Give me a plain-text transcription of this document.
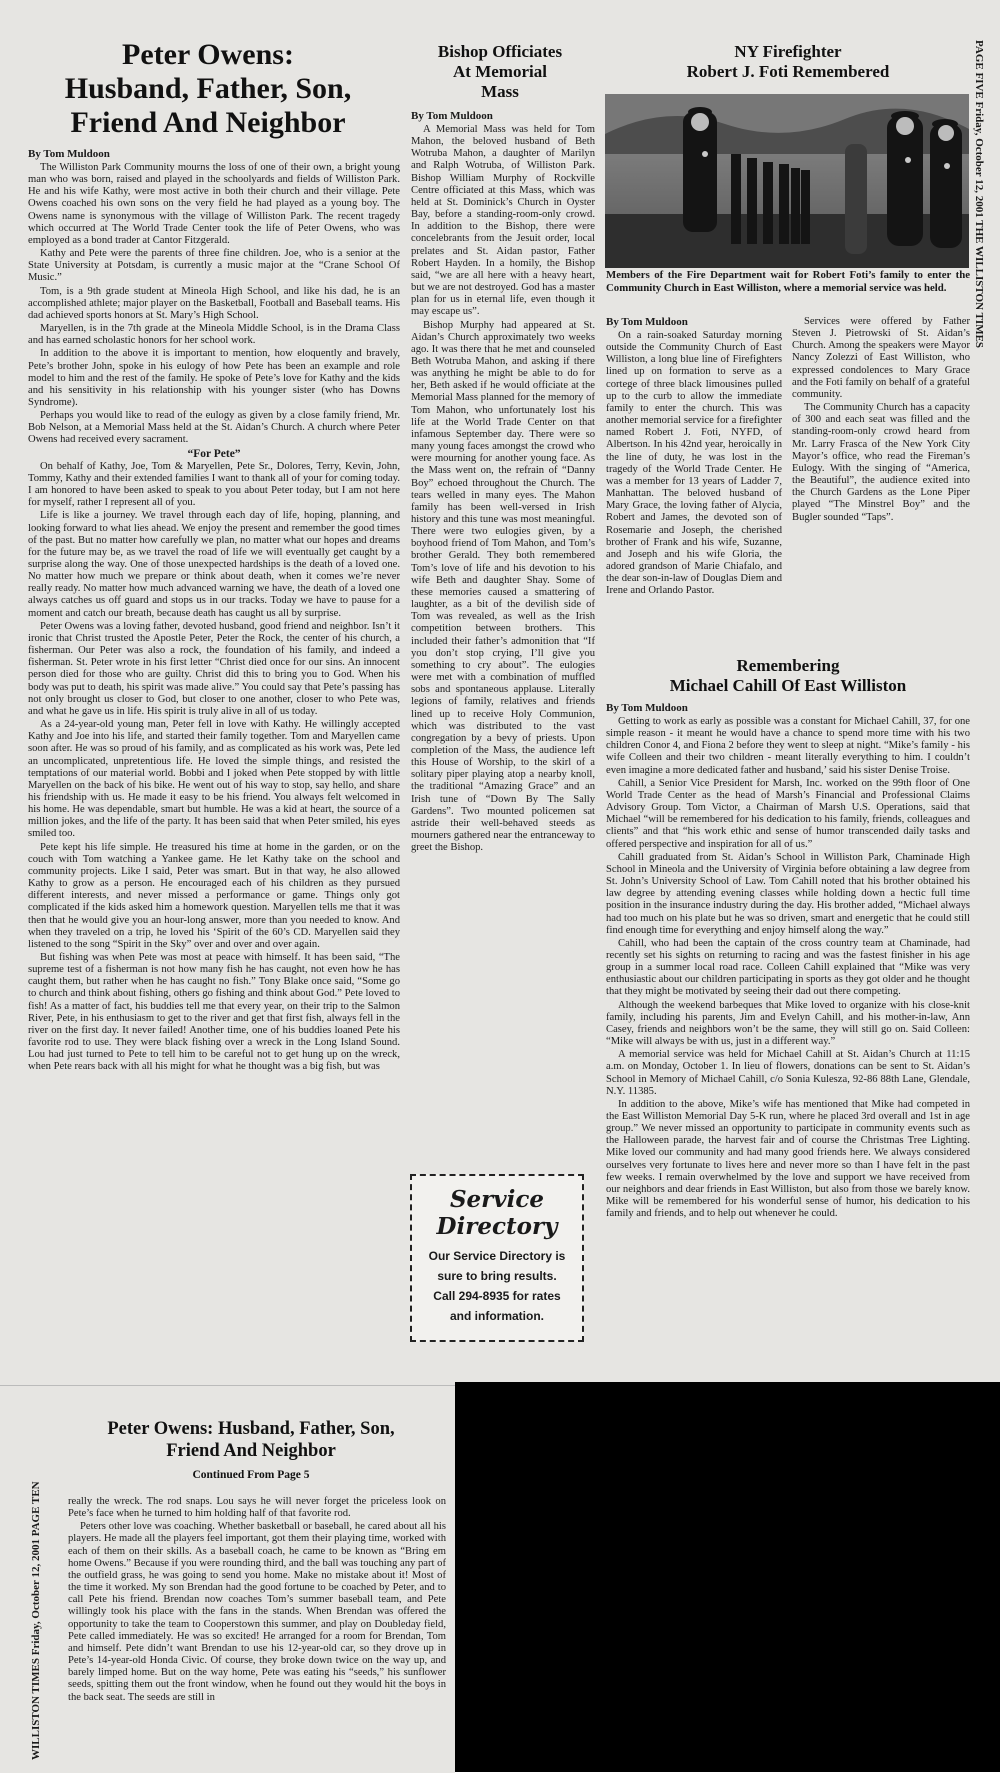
PAGE FIVE Friday, October 12, 2001 THE WILLISTON TIMES
Peter Owens:
Husband, Father, Son,
Friend And Neighbor

By Tom Muldoon

The Williston Park Community mourns the loss of one of their own, a bright young man who was born, raised and played in the schoolyards and fields of Williston Park. He and his wife Kathy, were most active in both their church and their village. Pete Owens coached his own sons on the very field he had played as a young boy. The Owens name is synonymous with the village of Williston Park. The recent tragedy which occurred at The World Trade Center took the life of Peter Owens, who was employed as a bond trader at Cantor Fitzgerald.

Kathy and Pete were the parents of three fine children. Joe, who is a senior at the State University at Potsdam, is currently a music major at the “Crane School Of Music.”

Tom, is a 9th grade student at Mineola High School, and like his dad, he is an accomplished athlete; major player on the Basketball, Football and Baseball teams. His dad achieved sports honors at St. Mary’s High School.

Maryellen, is in the 7th grade at the Mineola Middle School, is in the Drama Class and has earned scholastic honors for her school work.

In addition to the above it is important to mention, how eloquently and bravely, Pete’s brother John, spoke in his eulogy of how Pete has been an example and role model to him and the rest of the family. He spoke of Pete’s love for Kathy and the kids and his sensitivity in his relationship with his younger sister (who has Downs Syndrome).

Perhaps you would like to read of the eulogy as given by a close family friend, Mr. Bob Nelson, at a Memorial Mass held at the St. Aidan’s Church. A church where Peter Owens had received every sacrament.

“For Pete”

On behalf of Kathy, Joe, Tom & Maryellen, Pete Sr., Dolores, Terry, Kevin, John, Tommy, Kathy and their extended families I want to thank all of your for coming today. I am honored to have been asked to speak to you about Peter today, but I am not here for myself, rather I represent all of you.

Life is like a journey. We travel through each day of life, hoping, planning, and looking forward to what lies ahead. We enjoy the present and remember the good times of the past. But no matter how carefully we plan, no matter what our hopes and dreams for the future may be, as we travel the road of life we will eventually get caught by a surprise along the way. One of those unexpected hardships is the death of a loved one. No matter how much we prepare or think about death, when it comes we’re never really ready. No matter how much advanced warning we have, the death of a loved one always catches us off guard and stops us in our tracks. Today we have to pause for a moment and catch our breath, because death has caught us all by surprise.

Peter Owens was a loving father, devoted husband, good friend and neighbor. Isn’t it ironic that Christ trusted the Apostle Peter, Peter the Rock, the center of his church, a fisherman. Our Peter was also a rock, the foundation of his family, and indeed a fisherman. St. Peter wrote in his first letter “Christ died once for our sins. An innocent person died for those who are guilty. Christ did this to bring you to God. When his body was put to death, his spirit was made alive.” You could say that Pete’s passing has not only brought us closer to God, but closer to one another, closer to who Pete was, and what he gave us in life. His spirit is truly alive in all of us today.

As a 24-year-old young man, Peter fell in love with Kathy. He willingly accepted Kathy and Joe into his life, and started their family together. Tom and Maryellen came soon after. He was so proud of his family, and as complicated as his work was, Pete led an uncomplicated, unpretentious life. He loved the simple things, and resisted the temptations of our material world. Bobbi and I joked when Pete stopped by with little Maryellen on the back of his bike. He went out of his way to stop, say hello, and share his friendship with us. He made it easy to be his friend. You always felt welcomed in his home. He was dependable, smart but humble. He was a kid at heart, the source of a million jokes, and the life of the party. It has been said that when Peter smiled, his eyes smiled too.

Pete kept his life simple. He treasured his time at home in the garden, or on the couch with Tom watching a Yankee game. He let Kathy take on the school and community projects. Like I said, Peter was smart. But in that way, he also allowed Kathy to grow as a person. He encouraged each of his children as they pursued different interests, and never missed a performance or game. Things only got complicated if the kids asked him a homework question. Maryellen tells me that it was then that he would give you an hour-long answer, more than you needed to know. And when they traveled on a trip, he loved his ‘Spirit of the 60’s CD. Maryellen said they listened to the song “Spirit in the Sky” over and over and over again.

But fishing was when Pete was most at peace with himself. It has been said, “The supreme test of a fisherman is not how many fish he has caught, not even how he has caught them, but rather when he has caught no fish.” Tony Blake once said, “Some go to church and think about fishing, others go fishing and think about God.” Pete loved to fish! As a matter of fact, his buddies tell me that every year, on their trip to the Salmon River, Pete, in his enthusiasm to get to the river and get that first fish, always fell in the river on the first day. It never failed! Another time, one of his buddies loaned Pete his favorite rod to use. They were black fishing over a wreck in the Long Island Sound. Lou had just turned to Pete to tell him to be careful not to get hung up on the wreck, when Pete rears back with all his might for what he thought was a big fish, but was

Bishop Officiates
At Memorial
Mass

By Tom Muldoon

A Memorial Mass was held for Tom Mahon, the beloved husband of Beth Wotruba Mahon, a daughter of Marilyn and Ralph Wotruba, of Williston Park. Bishop William Murphy of Rockville Centre officiated at this Mass, which was held at St. Dominick’s Church in Oyster Bay, before a standing-room-only crowd. In addition to the Bishop, there were concelebrants from the Jesuit order, local prelates and St. Aidan pastor, Father Robert Hayden. In a homily, the Bishop said, “we are all here with a heavy heart, but we are not destroyed. God has a master plan for us in eternal life, even though it may escape us”.

Bishop Murphy had appeared at St. Aidan’s Church approximately two weeks ago. It was there that he met and counseled Beth Wotruba Mahon, and asking if there was anything he might be able to do for her, Beth asked if he would officiate at the Memorial Mass planned for the memory of Tom Mahon, who unfortunately lost his life at the World Trade Center on that infamous September day. There were so many young faces amongst the crowd who were mourning for another young face. As the Mass went on, the refrain of “Danny Boy” echoed throughout the Church. The tears welled in many eyes. The Mahon family has been well-versed in Irish history and this tune was most meaningful. There were two eulogies given, by a boyhood friend of Tom Mahon, and Tom’s brother Gerald. They both remembered Tom’s love of life and his devotion to his wife Beth and daughter Shay. Some of these memories caused a smattering of laughter, as a bit of the devilish side of Tom was revealed, as well as the Irish competition between brothers. This included their father’s admonition that “If you don’t stop crying, I’ll give you something to cry about”. The eulogies were met with a combination of muffled sobs and spontaneous applause. Literally legions of family, relatives and friends lined up to receive Holy Communion, which was distributed to the vast congregation by a bevy of priests. Upon completion of the Mass, the audience left this House of Worship, to the skirl of a solitary piper playing atop a nearby knoll, the traditional “Amazing Grace” and an Irish tune of “Down By The Sally Gardens”. Two mounted policemen sat astride their well-behaved steeds as mourners gathered near the entranceway to greet the Bishop.

Service
Directory
Our Service Directory is
sure to bring results.
Call 294-8935 for rates
and information.
NY Firefighter
Robert J. Foti Remembered
Members of the Fire Department wait for Robert Foti’s family to enter the Community Church in East Williston, where a memorial service was held.

By Tom Muldoon

On a rain-soaked Saturday morning outside the Community Church of East Williston, a long blue line of Firefighters lined up on formation to serve as a cortege of three black limousines pulled up to the curb to allow the immediate family to enter the church. This was another memorial service for a firefighter named Robert J. Foti, NYFD, of Albertson. In his 42nd year, heroically in the line of duty, he was lost in the tragedy of the World Trade Center. He was a member for 13 years of Ladder 7, Manhattan. The beloved husband of Mary Grace, the loving father of Alycia, Robert and James, the devoted son of Rosemarie and Joseph, the cherished brother of Frank and his wife, Suzanne, and Joseph and his wife Gloria, the adored grandson of Marie Chiafalo, and the dear son-in-law of Douglas Diem and Irene and Orlando Pastor.

Services were offered by Father Steven J. Pietrowski of St. Aidan’s Church. Among the speakers were Mayor Nancy Zolezzi of East Williston, who expressed condolences to Mary Grace and the Foti family on behalf of a grateful community.

The Community Church has a capacity of 300 and each seat was filled and the standing-room-only crowd heard from Mr. Larry Frasca of the New York City Mayor’s office, who read the Fireman’s Eulogy. With the singing of “America, the Beautiful”, the audience exited into the Church Gardens as the Lone Piper played “The Minstrel Boy” and the Bugler sounded “Taps”.

Remembering
Michael Cahill Of East Williston

By Tom Muldoon

Getting to work as early as possible was a constant for Michael Cahill, 37, for one simple reason - it meant he would have a chance to spend more time with his two children Conor 4, and Fiona 2 before they went to sleep at night. “Mike’s family - his wife Colleen and their two children - meant literally everything to him. I couldn’t even imagine a more dedicated father and husband,’ said his sister Denise Troise.

Cahill, a Senior Vice President for Marsh, Inc. worked on the 99th floor of One World Trade Center as the head of Marsh’s Financial and Professional Claims Advisory Group. Tom Victor, a Chairman of Marsh U.S. Operations, said that Michael “will be remembered for his dedication to his family, friends, colleagues and clients” and that “his work ethic and sense of humor transcended daily tasks and offered perspective and inspiration for all of us.”

Cahill graduated from St. Aidan’s School in Williston Park, Chaminade High School in Mineola and the University of Virginia before obtaining a law degree from St. John’s University School of Law. Tom Cahill noted that his brother obtained his law degree by attending evening classes while holding down a hectic full time position in the insurance industry during the day. His brother added, “Michael always had too much on his plate but he was so driven, smart and energetic that he could still find enough time for everything and enjoy himself along the way.”

Cahill, who had been the captain of the cross country team at Chaminade, had recently set his sights on returning to racing and was the fastest finisher in his age group in a summer local road race. Colleen Cahill explained that “Mike was very enthusiastic about our children participating in sports as they got older and he thought that they might be motivated by seeing their dad out there competing.

Although the weekend barbeques that Mike loved to organize with his close-knit family, including his parents, Jim and Evelyn Cahill, and his mother-in-law, Ann Casey, friends and neighbors won’t be the same, they will still go on. Said Colleen: “Mike will always be with us, just in a different way.”

A memorial service was held for Michael Cahill at St. Aidan’s Church at 11:15 a.m. on Monday, October 1. In lieu of flowers, donations can be sent to St. Aidan’s School in Memory of Michael Cahill, c/o Sonia Kulesza, 92-86 88th Lane, Glendale, N.Y. 11385.

In addition to the above, Mike’s wife has mentioned that Mike had competed in the East Williston Memorial Day 5-K run, where he placed 3rd overall and 1st in age group.” We never missed an opportunity to participate in community events such as the Halloween parade, the harvest fair and of course the Christmas Tree Lighting. Mike loved our community and had many good friends here. We always considered ourselves very fortunate to lives here and never more so than I have felt in the past few weeks. I remain overwhelmed by the love and support we have received from our neighbors and dear friends in East Williston, but also from those we barely know. Mike will be remembered for his wonderful sense of humor, his dedication to his family and friends, and to help out whenever he could.

WILLISTON TIMES Friday, October 12, 2001 PAGE TEN
Peter Owens: Husband, Father, Son,
Friend And Neighbor
Continued From Page 5

really the wreck. The rod snaps. Lou says he will never forget the priceless look on Pete’s face when he turned to him holding half of that favorite rod.

Peters other love was coaching. Whether basketball or baseball, he cared about all his players. He made all the players feel important, got them their playing time, worked with each of them on their skills. As a baseball coach, he came to be known as “Bring em home Owens.” Because if you were rounding third, and the ball was touching any part of the outfield grass, he was going to send you home. Make no mistake about it! Most of the time it worked. My son Brendan had the good fortune to be coached by Peter, and to call Pete his friend. Brendan now coaches Tom’s summer baseball team, and Pete willingly took his place with the fans in the stands. When Brendan was offered the opportunity to take the team to Cooperstown this summer, and play on Doubleday field, Pete called immediately. He was so excited! He arranged for a room for Brendan, Tom and himself. Pete didn’t want Brendan to use his 12-year-old car, so they drove up in Pete’s 14-year-old Honda Civic. Of course, they broke down twice on the way up, and barely limped home. But on the way home, Pete was eating his “seeds,” his sunflower seeds, spitting them out the front window, when he found out they would hit the boys in the back seat. The seeds are still in
